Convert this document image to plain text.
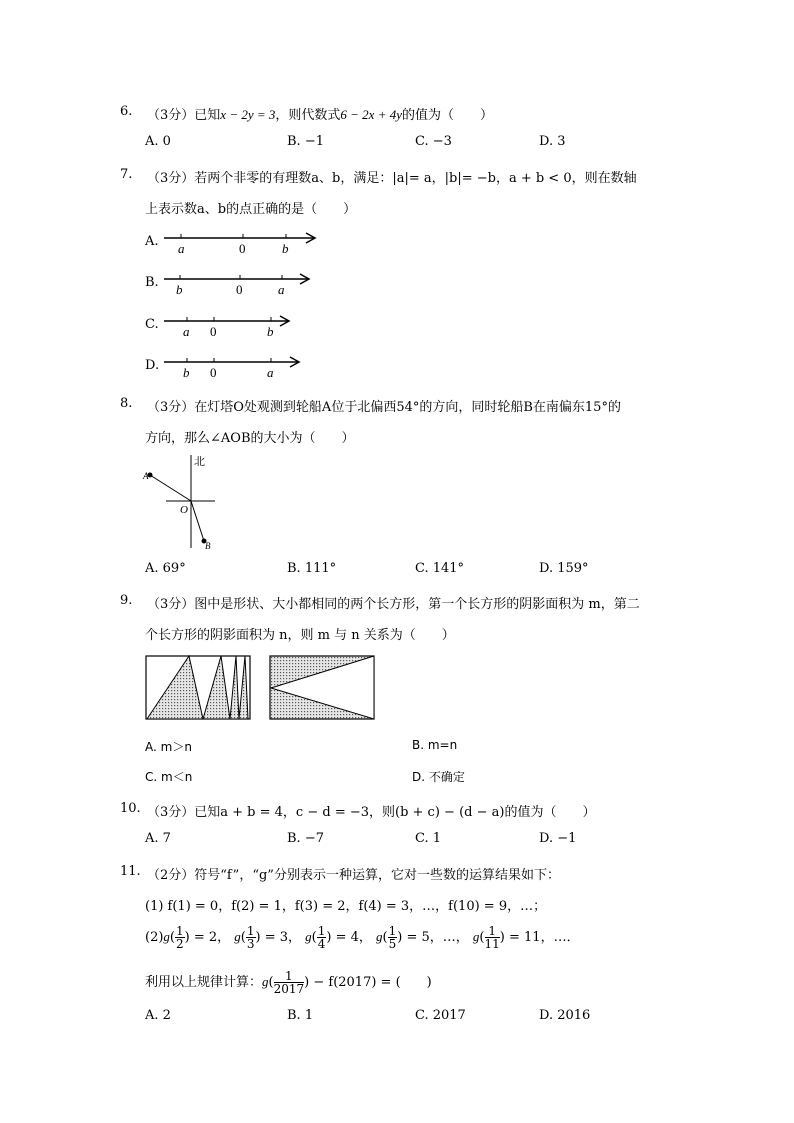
6. （3分）已知x − 2y = 3，则代数式6 − 2x + 4y的值为（　　）
A. 0	B. −1	C. −3	D. 3
7. （3分）若两个非零的有理数a、b，满足：|a|= a，|b|= −b，a + b < 0，则在数轴
上表示数a、b的点正确的是（　　）
A. a	0	b
B. b	0	a
C. a 0	b
D. b 0	a
8. （3分）在灯塔O处观测到轮船A位于北偏西54°的方向，同时轮船B在南偏东15°的
方向，那么∠AOB的大小为（　　）
北
A
O
B
A. 69°	B. 111°	C. 141°	D. 159°
9. （3分）图中是形状、大小都相同的两个长方形，第一个长方形的阴影面积为 m，第二
个长方形的阴影面积为 n，则 m 与 n 关系为（　　）
A. m＞n	B. m=n
C. m＜n	D. 不确定
10. （3分）已知a + b = 4，c − d = −3，则(b + c) − (d − a)的值为（　　）
A. 7	B. −7	C. 1	D. −1
11. （2分）符号“f”，“g”分别表示一种运算，它对一些数的运算结果如下：
(1) f(1) = 0，f(2) = 1，f(3) = 2，f(4) = 3，…，f(10) = 9，…；
$(2)g( \frac{1}{2}$ ) = 2， $g( \frac{1}{3}$ ) = 3， $g( \frac{1}{4}$ ) = 4， $g( \frac{1}{5}$ ) = 5，…， $g( \frac{1}{11}$ ) = 11，…．
利用以上规律计算：$g( \frac{1}{2017}$ ) − f(2017) = (　　)
A. 2	B. 1	C. 2017	D. 2016
